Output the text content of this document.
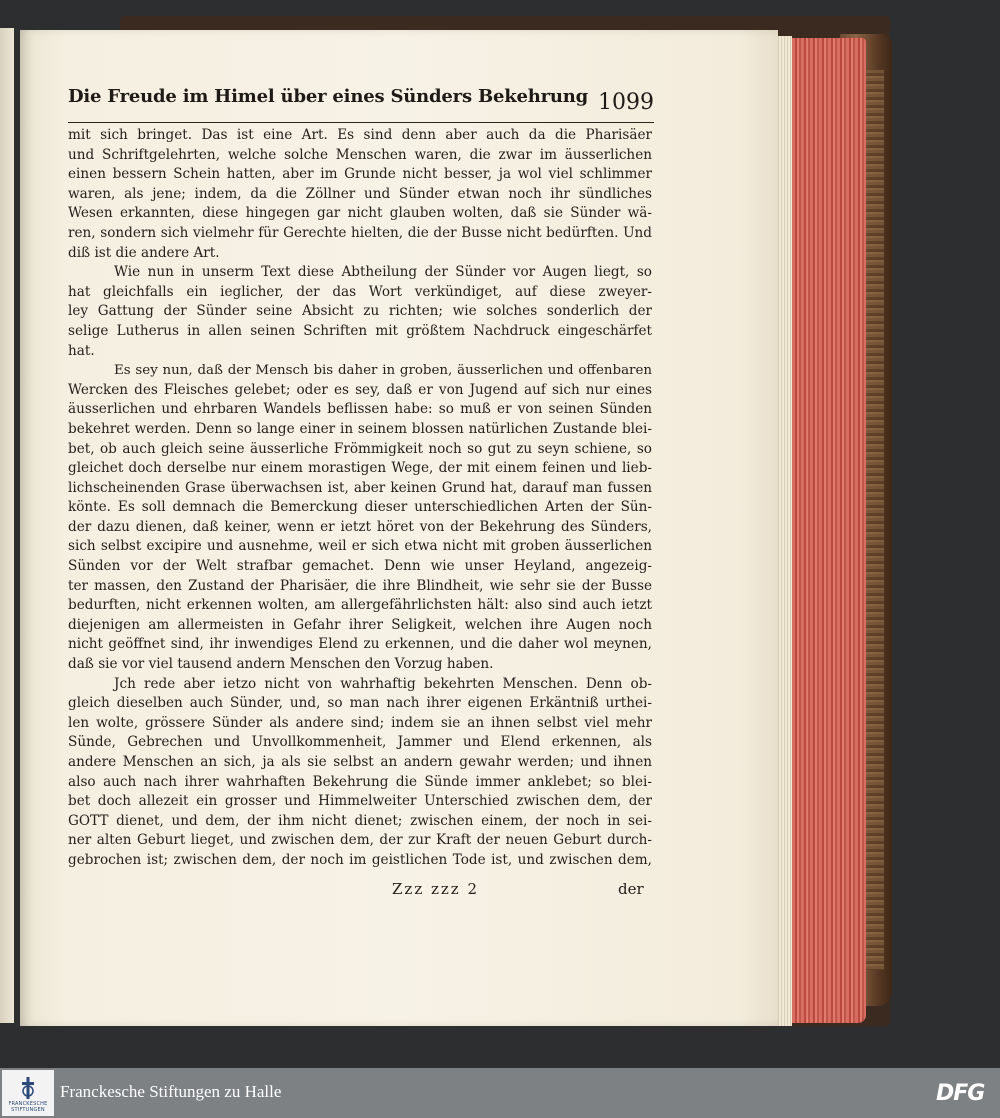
Die Freude im Himel über eines Sünders Bekehrung 1099
mit sich bringet. Das ist eine Art. Es sind denn aber auch da die Pharisäer
und Schriftgelehrten, welche solche Menschen waren, die zwar im äusserlichen
einen bessern Schein hatten, aber im Grunde nicht besser, ja wol viel schlimmer
waren, als jene; indem, da die Zöllner und Sünder etwan noch ihr sündliches
Wesen erkannten, diese hingegen gar nicht glauben wolten, daß sie Sünder wä-
ren, sondern sich vielmehr für Gerechte hielten, die der Busse nicht bedürften. Und
diß ist die andere Art.
Wie nun in unserm Text diese Abtheilung der Sünder vor Augen liegt, so
hat gleichfalls ein ieglicher, der das Wort verkündiget, auf diese zweyer-
ley Gattung der Sünder seine Absicht zu richten; wie solches sonderlich der
selige Lutherus in allen seinen Schriften mit größtem Nachdruck eingeschärfet
hat.
Es sey nun, daß der Mensch bis daher in groben, äusserlichen und offenbaren
Wercken des Fleisches gelebet; oder es sey, daß er von Jugend auf sich nur eines
äusserlichen und ehrbaren Wandels beflissen habe: so muß er von seinen Sünden
bekehret werden. Denn so lange einer in seinem blossen natürlichen Zustande blei-
bet, ob auch gleich seine äusserliche Frömmigkeit noch so gut zu seyn schiene, so
gleichet doch derselbe nur einem morastigen Wege, der mit einem feinen und lieb-
lichscheinenden Grase überwachsen ist, aber keinen Grund hat, darauf man fussen
könte. Es soll demnach die Bemerckung dieser unterschiedlichen Arten der Sün-
der dazu dienen, daß keiner, wenn er ietzt höret von der Bekehrung des Sünders,
sich selbst excipire und ausnehme, weil er sich etwa nicht mit groben äusserlichen
Sünden vor der Welt strafbar gemachet. Denn wie unser Heyland, angezeig-
ter massen, den Zustand der Pharisäer, die ihre Blindheit, wie sehr sie der Busse
bedurften, nicht erkennen wolten, am allergefährlichsten hält: also sind auch ietzt
diejenigen am allermeisten in Gefahr ihrer Seligkeit, welchen ihre Augen noch
nicht geöffnet sind, ihr inwendiges Elend zu erkennen, und die daher wol meynen,
daß sie vor viel tausend andern Menschen den Vorzug haben.
Jch rede aber ietzo nicht von wahrhaftig bekehrten Menschen. Denn ob-
gleich dieselben auch Sünder, und, so man nach ihrer eigenen Erkäntniß urthei-
len wolte, grössere Sünder als andere sind; indem sie an ihnen selbst viel mehr
Sünde, Gebrechen und Unvollkommenheit, Jammer und Elend erkennen, als
andere Menschen an sich, ja als sie selbst an andern gewahr werden; und ihnen
also auch nach ihrer wahrhaften Bekehrung die Sünde immer anklebet; so blei-
bet doch allezeit ein grosser und Himmelweiter Unterschied zwischen dem, der
GOTT dienet, und dem, der ihm nicht dienet; zwischen einem, der noch in sei-
ner alten Geburt lieget, und zwischen dem, der zur Kraft der neuen Geburt durch-
gebrochen ist; zwischen dem, der noch im geistlichen Tode ist, und zwischen dem,
Zzz zzz 2	der
FRANCKESCHE
STIFTUNGEN
Franckesche Stiftungen zu Halle	DFG
